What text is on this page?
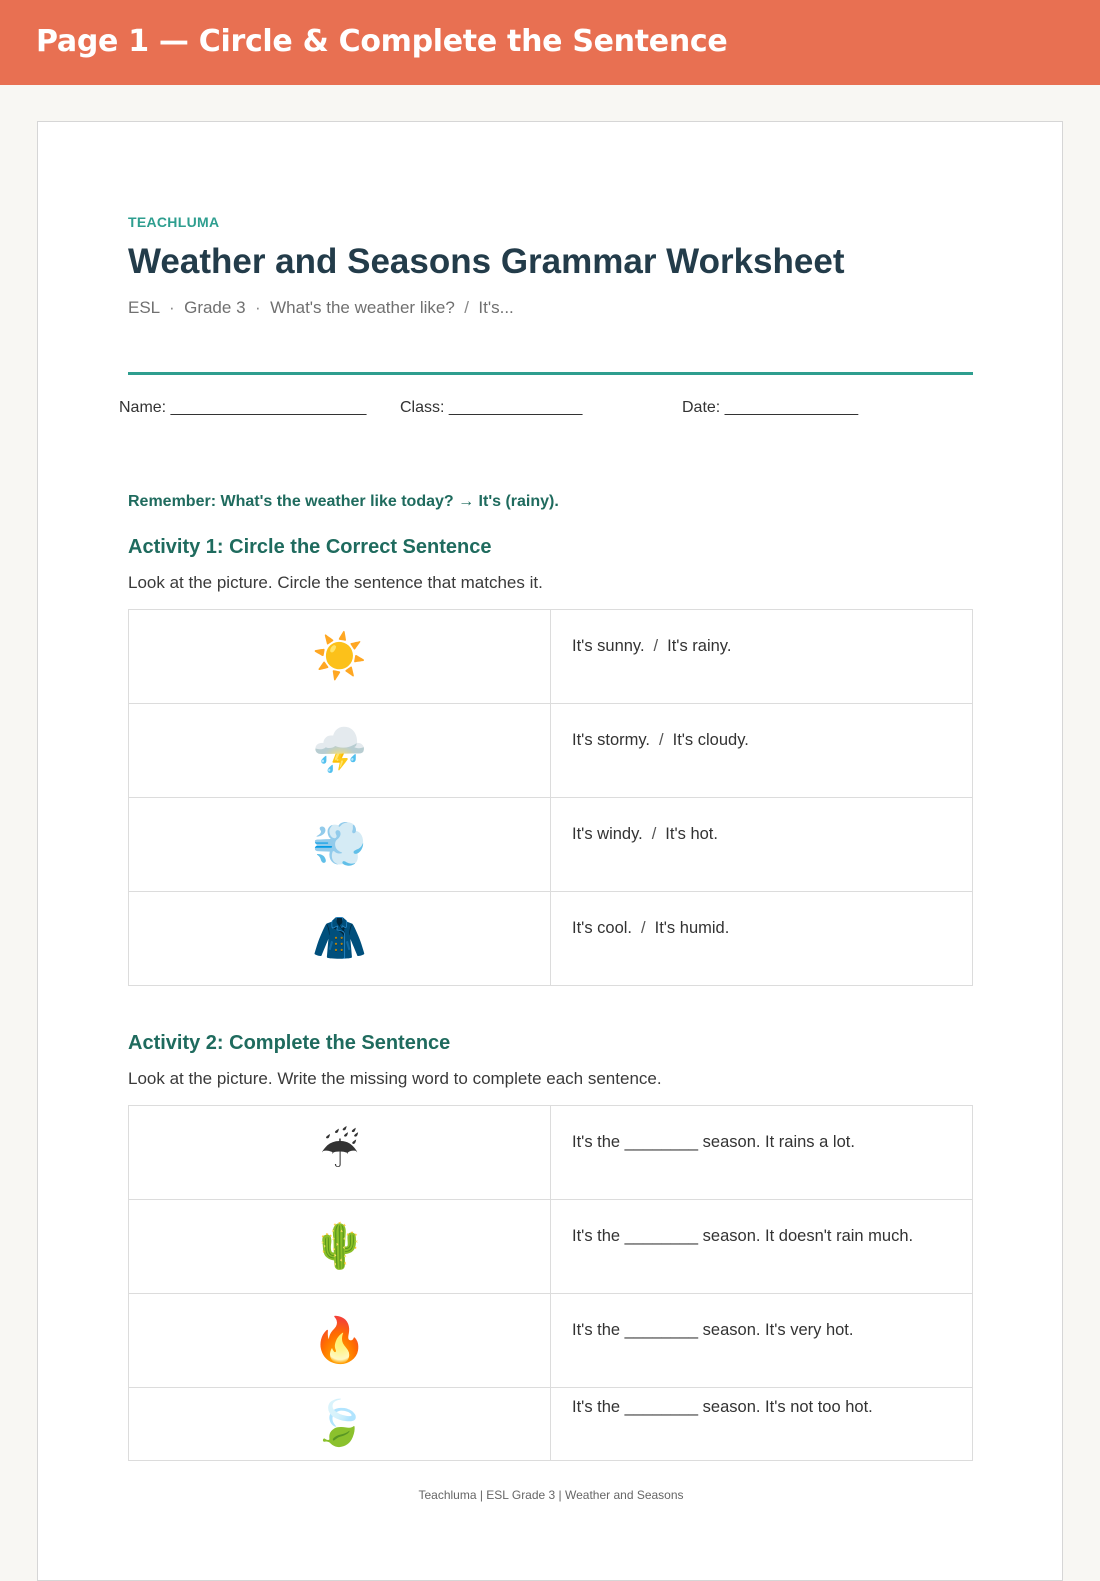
Page 1 — Circle & Complete the Sentence
TEACHLUMA
Weather and Seasons Grammar Worksheet
ESL  ·  Grade 3  ·  What's the weather like?  /  It's...
Name: ______________________ Class: _______________	Date: _______________
Remember: What's the weather like today? → It's (rainy).
Activity 1: Circle the Correct Sentence
Look at the picture. Circle the sentence that matches it.
☀️	It's sunny. / It's rainy.
⛈️	It's stormy. / It's cloudy.
💨	It's windy. / It's hot.
🧥	It's cool. / It's humid.
Activity 2: Complete the Sentence
Look at the picture. Write the missing word to complete each sentence.
☔	It's the ________ season. It rains a lot.
🌵	It's the ________ season. It doesn't rain much.
🔥	It's the ________ season. It's very hot.
🍃	It's the ________ season. It's not too hot.
Teachluma | ESL Grade 3 | Weather and Seasons
